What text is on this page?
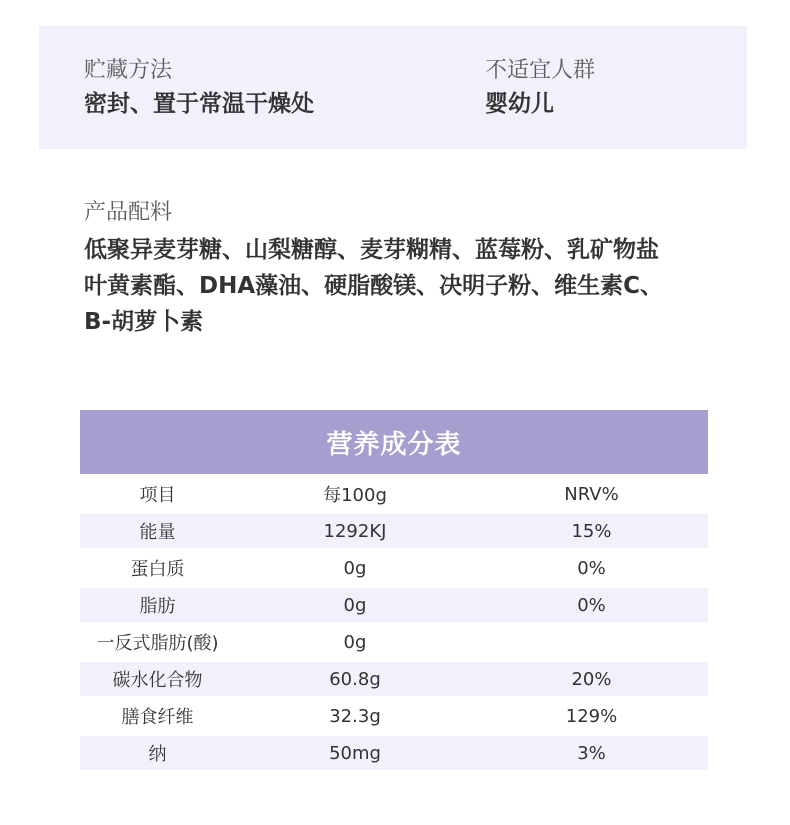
贮藏方法
密封、置于常温干燥处
不适宜人群
婴幼儿
产品配料
低聚异麦芽糖、山梨糖醇、麦芽糊精、蓝莓粉、乳矿物盐
叶黄素酯、DHA藻油、硬脂酸镁、决明子粉、维生素C、
B-胡萝卜素
营养成分表
项目	每100g	NRV%
能量	1292KJ	15%
蛋白质	0g	0%
脂肪	0g	0%
一反式脂肪(酸)	0g	
碳水化合物	60.8g	20%
膳食纤维	32.3g	129%
纳	50mg	3%
